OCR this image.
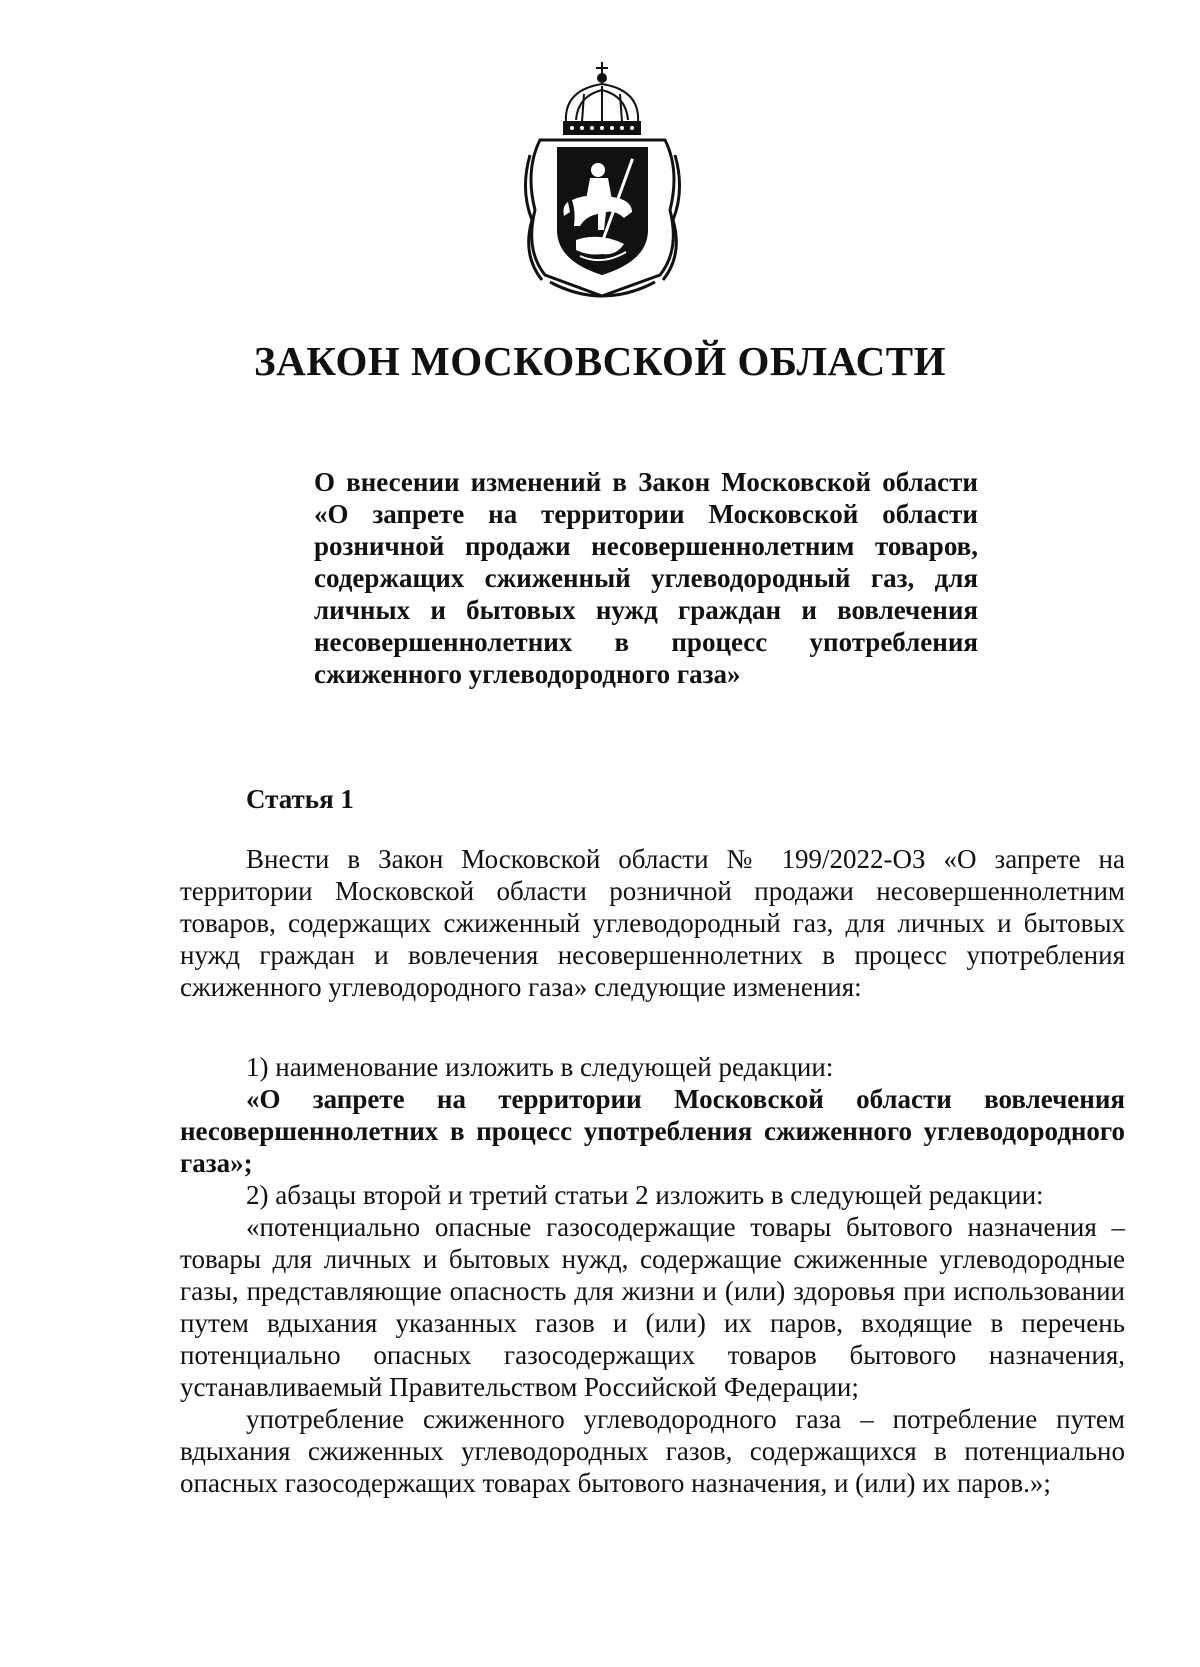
ЗАКОН МОСКОВСКОЙ ОБЛАСТИ
О внесении изменений в Закон Московской области «О запрете на территории Московской области розничной продажи несовершеннолетним товаров, содержащих сжиженный углеводородный газ, для личных и бытовых нужд граждан и вовлечения несовершеннолетних в процесс употребления сжиженного углеводородного газа»
Статья 1

Внести в Закон Московской области № 199/2022-ОЗ «О запрете на территории Московской области розничной продажи несовершеннолетним товаров, содержащих сжиженный углеводородный газ, для личных и бытовых нужд граждан и вовлечения несовершеннолетних в процесс употребления сжиженного углеводородного газа» следующие изменения:

1) наименование изложить в следующей редакции:

«О запрете на территории Московской области вовлечения несовершеннолетних в процесс употребления сжиженного углеводородного газа»;

2) абзацы второй и третий статьи 2 изложить в следующей редакции:

«потенциально опасные газосодержащие товары бытового назначения – товары для личных и бытовых нужд, содержащие сжиженные углеводородные газы, представляющие опасность для жизни и (или) здоровья при использовании путем вдыхания указанных газов и (или) их паров, входящие в перечень потенциально опасных газосодержащих товаров бытового назначения, устанавливаемый Правительством Российской Федерации;

употребление сжиженного углеводородного газа – потребление путем вдыхания сжиженных углеводородных газов, содержащихся в потенциально опасных газосодержащих товарах бытового назначения, и (или) их паров.»;
